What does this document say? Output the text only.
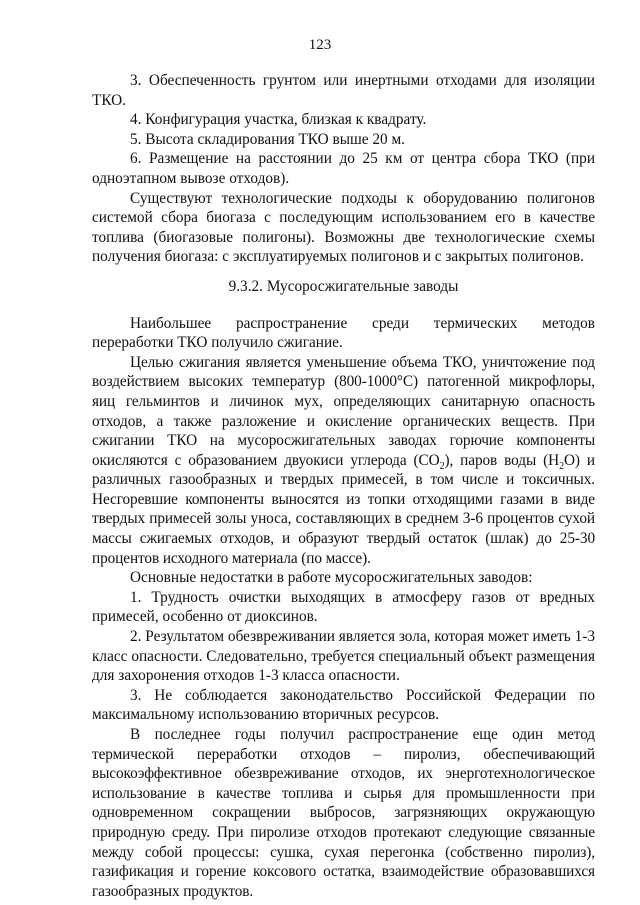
123

3. Обеспеченность грунтом или инертными отходами для изоляции ТКО.

4. Конфигурация участка, близкая к квадрату.

5. Высота складирования ТКО выше 20 м.

6. Размещение на расстоянии до 25 км от центра сбора ТКО (при одноэтапном вывозе отходов).

Существуют технологические подходы к оборудованию полигонов системой сбора биогаза с последующим использованием его в качестве топлива (биогазовые полигоны). Возможны две технологические схемы получения биогаза: с эксплуатируемых полигонов и с закрытых полигонов.

9.3.2. Мусоросжигательные заводы

Наибольшее распространение среди термических методов переработки ТКО получило сжигание.

Целью сжигания является уменьшение объема ТКО, уничтожение под воздействием высоких температур (800-1000°С) патогенной микрофлоры, яиц гельминтов и личинок мух, определяющих санитарную опасность отходов, а также разложение и окисление органических веществ. При сжигании ТКО на мусоросжигательных заводах горючие компоненты окисляются с образованием двуокиси углерода $(СО_2)$, паров воды $(Н_2О)$ и различных газообразных и твердых примесей, в том числе и токсичных. Несгоревшие компоненты выносятся из топки отходящими газами в виде твердых примесей золы уноса, составляющих в среднем 3-6 процентов сухой массы сжигаемых отходов, и образуют твердый остаток (шлак) до 25-30 процентов исходного материала (по массе).

Основные недостатки в работе мусоросжигательных заводов:

1. Трудность очистки выходящих в атмосферу газов от вредных примесей, особенно от диоксинов.

2. Результатом обезвреживании является зола, которая может иметь 1-3 класс опасности. Следовательно, требуется специальный объект размещения для захоронения отходов 1-3 класса опасности.

3. Не соблюдается законодательство Российской Федерации по максимальному использованию вторичных ресурсов.

В последнее годы получил распространение еще один метод термической переработки отходов – пиролиз, обеспечивающий высокоэффективное обезвреживание отходов, их энерготехнологическое использование в качестве топлива и сырья для промышленности при одновременном сокращении выбросов, загрязняющих окружающую природную среду. При пиролизе отходов протекают следующие связанные между собой процессы: сушка, сухая перегонка (собственно пиролиз), газификация и горение коксового остатка, взаимодействие образовавшихся газообразных продуктов.
